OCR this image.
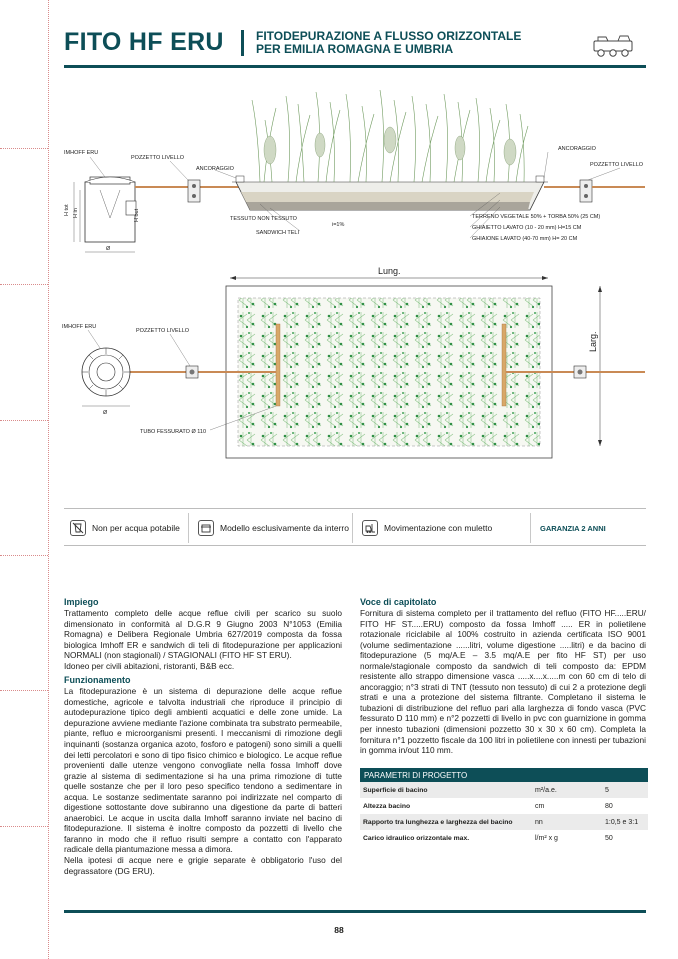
FITO HF ERU	FITODEPURAZIONE A FLUSSO ORIZZONTALE
PER EMILIA ROMAGNA E UMBRIA
H tot H in	H out
Ø
IMHOFF ERU
POZZETTO LIVELLO
ANCORAGGIO
ANCORAGGIO
POZZETTO LIVELLO
TESSUTO NON TESSUTO
SANDWICH TELI
i=1%
TERRENO VEGETALE 50% + TORBA 50% (25 CM)
GHIAIETTO LAVATO (10 - 20 mm) H=15 CM
GHIAIONE LAVATO (40-70 mm) H= 20 CM
Lung.
Larg.
Ø
IMHOFF ERU
POZZETTO LIVELLO
TUBO FESSURATO Ø 110
Non per acqua potabile	Modello esclusivamente da interro	Movimentazione con muletto	GARANZIA 2 ANNI
Impiego

Trattamento completo delle acque reflue civili per scarico su suolo dimensionato in conformità al D.G.R 9 Giugno 2003 N°1053 (Emilia Romagna) e Delibera Regionale Umbria 627/2019 composta da fossa biologica Imhoff ER e sandwich di teli di fitodepurazione per applicazioni NORMALI (non stagionali) / STAGIONALI (FITO HF ST ERU).

Idoneo per civili abitazioni, ristoranti, B&B ecc.

Funzionamento

La fitodepurazione è un sistema di depurazione delle acque reflue domestiche, agricole e talvolta industriali che riproduce il principio di autodepurazione tipico degli ambienti acquatici e delle zone umide. La depurazione avviene mediante l'azione combinata tra substrato permeabile, piante, refluo e microorganismi presenti. I meccanismi di rimozione degli inquinanti (sostanza organica azoto, fosforo e patogeni) sono simili a quelli dei letti percolatori e sono di tipo fisico chimico e biologico. Le acque reflue provenienti dalle utenze vengono convogliate nella fossa Imhoff dove grazie al sistema di sedimentazione si ha una prima rimozione di tutte quelle sostanze che per il loro peso specifico tendono a sedimentare in acqua. Le sostanze sedimentate saranno poi indirizzate nel comparto di digestione sottostante dove subiranno una digestione da parte di batteri anaerobici. Le acque in uscita dalla Imhoff saranno inviate nel bacino di fitodepurazione. Il sistema è inoltre composto da pozzetti di livello che faranno in modo che il refluo risulti sempre a contatto con l'apparato radicale della piantumazione messa a dimora.

Nella ipotesi di acque nere e grigie separate è obbligatorio l'uso del degrassatore (DG ERU).

Voce di capitolato

Fornitura di sistema completo per il trattamento del refluo (FITO HF.....ERU/ FITO HF ST.....ERU) composto da fossa Imhoff ..... ER in polietilene rotazionale riciclabile al 100% costruito in azienda certificata ISO 9001 (volume sedimentazione ......litri, volume digestione .....litri) e da bacino di fitodepurazione (5 mq/A.E – 3.5 mq/A.E per fito HF ST) per uso normale/stagionale composto da sandwich di teli composto da: EPDM resistente allo strappo dimensione vasca .....x....x.....m con 60 cm di telo di ancoraggio; n°3 strati di TNT (tessuto non tessuto) di cui 2 a protezione degli strati e una a protezione del sistema filtrante. Completano il sistema le tubazioni di distribuzione del refluo pari alla larghezza di fondo vasca (PVC fessurato D 110 mm) e n°2 pozzetti di livello in pvc con guarnizione in gomma per innesto tubazioni (dimensioni pozzetto 30 x 30 x 60 cm). Completa la fornitura n°1 pozzetto fiscale da 100 litri in polietilene con innesti per tubazioni in gomma in/out 110 mm.

PARAMETRI DI PROGETTO
Superficie di bacino	m²/a.e.	5
Altezza bacino	cm	80
Rapporto tra lunghezza e larghezza del bacino	nn	1:0,5 e 3:1
Carico idraulico orizzontale max.	l/m² x g	50
88
